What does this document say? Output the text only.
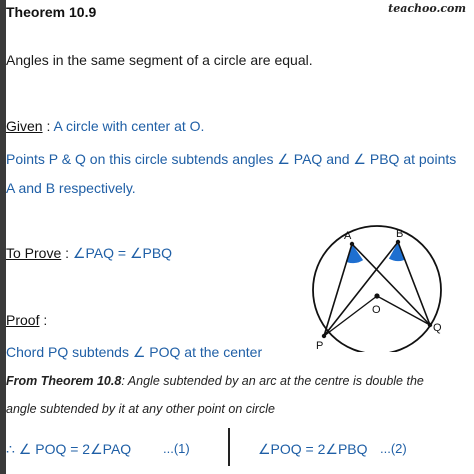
Theorem 10.9	teachoo.com
Angles in the same segment of a circle are equal.
Given : A circle with center at O.
Points P & Q on this circle subtends angles ∠ PAQ and ∠ PBQ at points
A and B respectively.
To Prove : ∠PAQ = ∠PBQ
Proof :
Chord PQ subtends ∠ POQ at the center
From Theorem 10.8: Angle subtended by an arc at the centre is double the
angle subtended by it at any other point on circle
∴ ∠ POQ = 2∠PAQ ...(1)	∠POQ = 2∠PBQ ...(2)
A	B
O
P
Q
